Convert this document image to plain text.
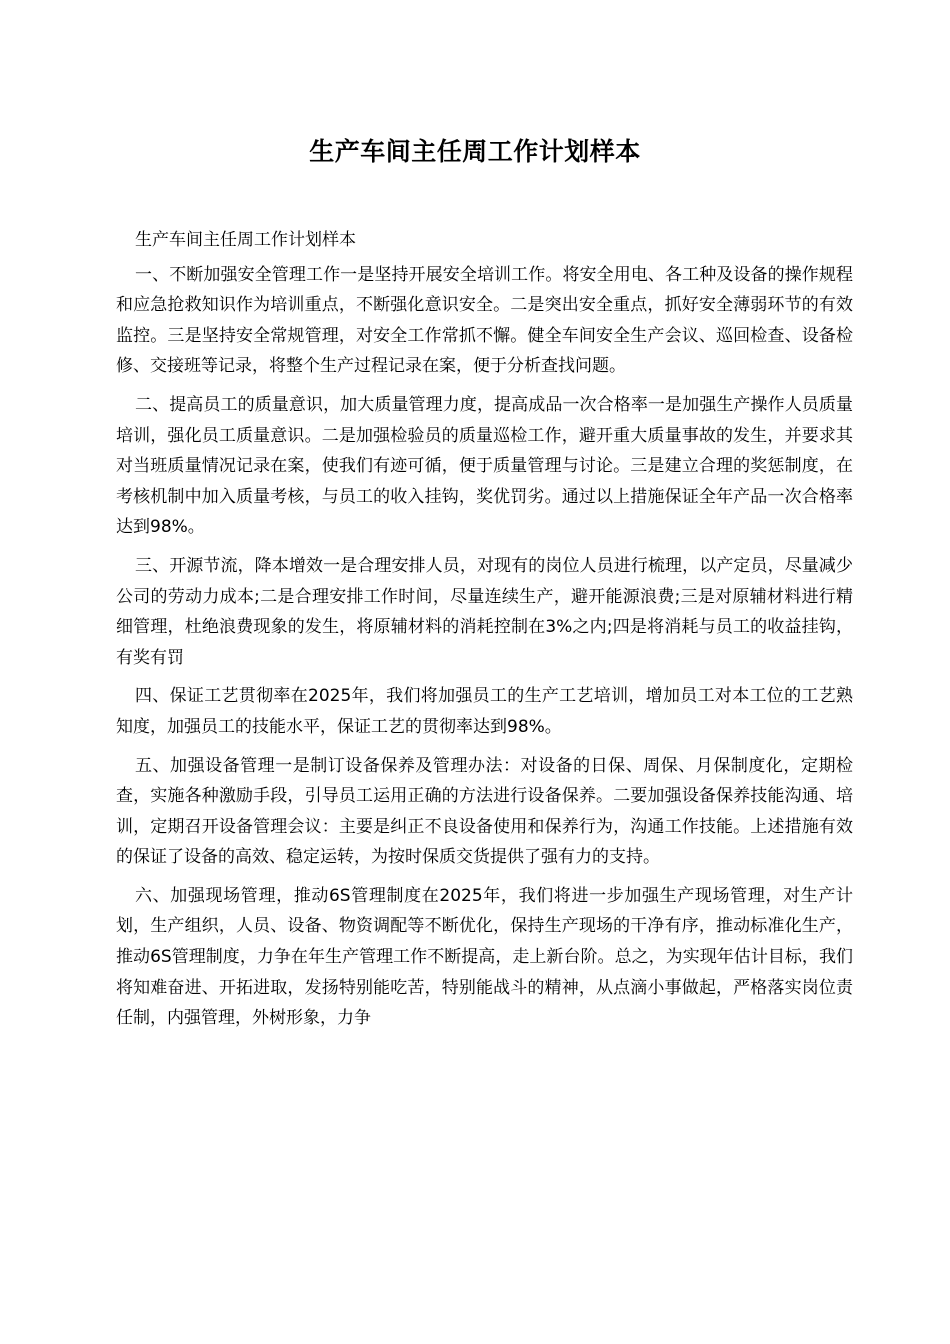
生产车间主任周工作计划样本

生产车间主任周工作计划样本

一、不断加强安全管理工作一是坚持开展安全培训工作。将安全用电、各工种及设备的操作规程和应急抢救知识作为培训重点，不断强化意识安全。二是突出安全重点，抓好安全薄弱环节的有效监控。三是坚持安全常规管理，对安全工作常抓不懈。健全车间安全生产会议、巡回检查、设备检修、交接班等记录，将整个生产过程记录在案，便于分析查找问题。

二、提高员工的质量意识，加大质量管理力度，提高成品一次合格率一是加强生产操作人员质量培训，强化员工质量意识。二是加强检验员的质量巡检工作，避开重大质量事故的发生，并要求其对当班质量情况记录在案，使我们有迹可循，便于质量管理与讨论。三是建立合理的奖惩制度，在考核机制中加入质量考核，与员工的收入挂钩，奖优罚劣。通过以上措施保证全年产品一次合格率达到98%。

三、开源节流，降本增效一是合理安排人员，对现有的岗位人员进行梳理，以产定员，尽量减少公司的劳动力成本;二是合理安排工作时间，尽量连续生产，避开能源浪费;三是对原辅材料进行精细管理，杜绝浪费现象的发生，将原辅材料的消耗控制在3%之内;四是将消耗与员工的收益挂钩，有奖有罚

四、保证工艺贯彻率在2025年，我们将加强员工的生产工艺培训，增加员工对本工位的工艺熟知度，加强员工的技能水平，保证工艺的贯彻率达到98%。

五、加强设备管理一是制订设备保养及管理办法：对设备的日保、周保、月保制度化，定期检查，实施各种激励手段，引导员工运用正确的方法进行设备保养。二要加强设备保养技能沟通、培训，定期召开设备管理会议：主要是纠正不良设备使用和保养行为，沟通工作技能。上述措施有效的保证了设备的高效、稳定运转，为按时保质交货提供了强有力的支持。

六、加强现场管理，推动6S管理制度在2025年，我们将进一步加强生产现场管理，对生产计划，生产组织，人员、设备、物资调配等不断优化，保持生产现场的干净有序，推动标准化生产，推动6S管理制度，力争在年生产管理工作不断提高，走上新台阶。总之，为实现年估计目标，我们将知难奋进、开拓进取，发扬特别能吃苦，特别能战斗的精神，从点滴小事做起，严格落实岗位责任制，内强管理，外树形象，力争
